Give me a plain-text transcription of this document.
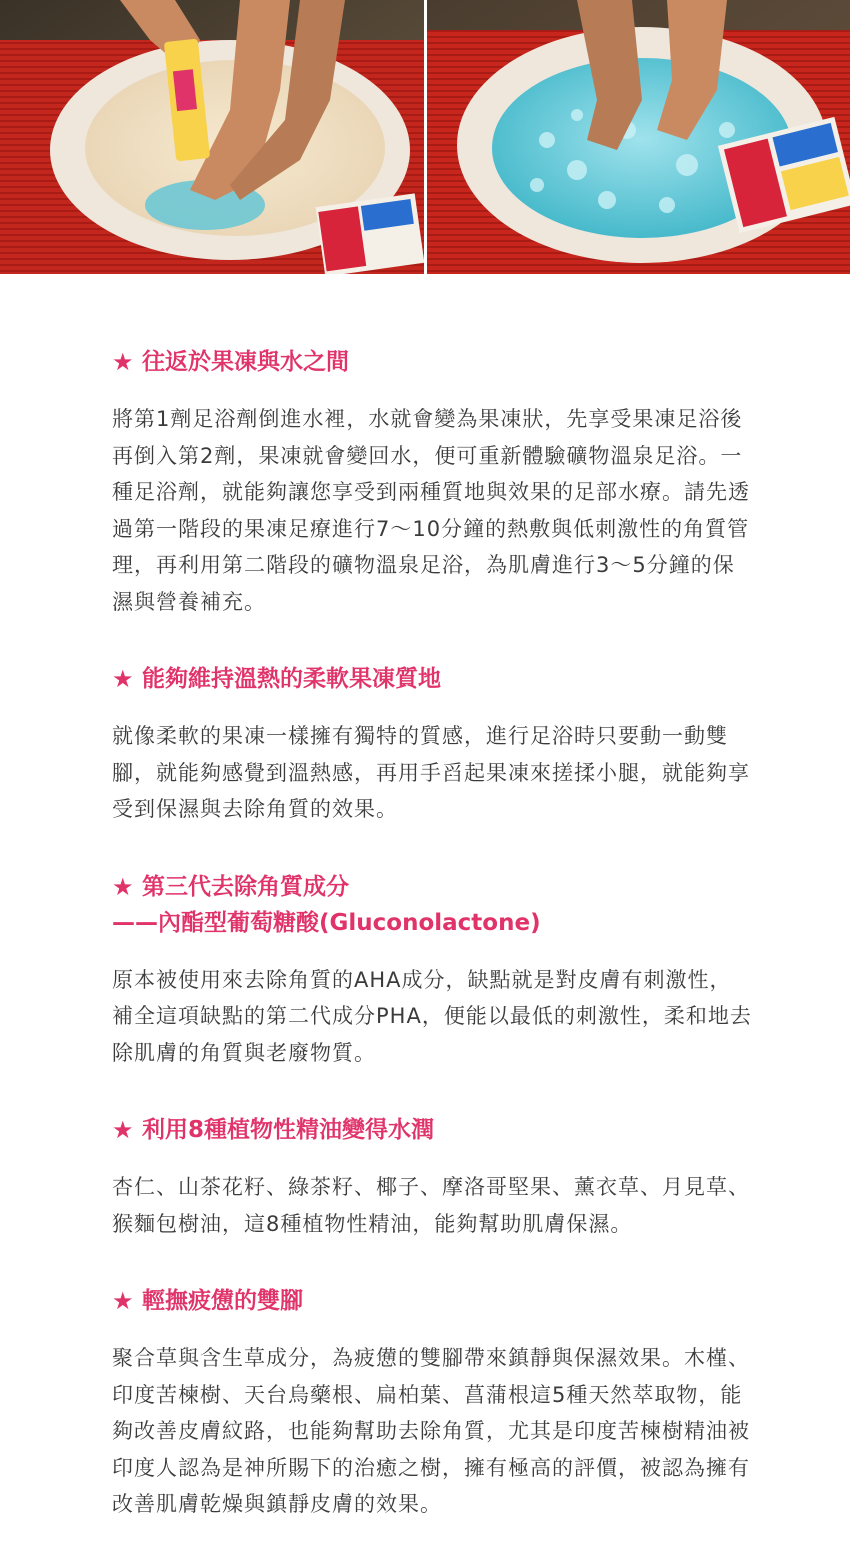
★ 往返於果凍與水之間
將第1劑足浴劑倒進水裡，水就會變為果凍狀，先享受果凍足浴後再倒入第2劑，果凍就會變回水，便可重新體驗礦物溫泉足浴。一種足浴劑，就能夠讓您享受到兩種質地與效果的足部水療。請先透過第一階段的果凍足療進行7～10分鐘的熱敷與低刺激性的角質管理，再利用第二階段的礦物溫泉足浴，為肌膚進行3～5分鐘的保濕與營養補充。
★ 能夠維持溫熱的柔軟果凍質地
就像柔軟的果凍一樣擁有獨特的質感，進行足浴時只要動一動雙腳，就能夠感覺到溫熱感，再用手舀起果凍來搓揉小腿，就能夠享受到保濕與去除角質的效果。
★ 第三代去除角質成分
——內酯型葡萄糖酸(Gluconolactone)
原本被使用來去除角質的AHA成分，缺點就是對皮膚有刺激性，補全這項缺點的第二代成分PHA，便能以最低的刺激性，柔和地去除肌膚的角質與老廢物質。
★ 利用8種植物性精油變得水潤
杏仁、山茶花籽、綠茶籽、椰子、摩洛哥堅果、薰衣草、月見草、猴麵包樹油，這8種植物性精油，能夠幫助肌膚保濕。
★ 輕撫疲憊的雙腳
聚合草與含生草成分，為疲憊的雙腳帶來鎮靜與保濕效果。木槿、印度苦楝樹、天台烏藥根、扁柏葉、菖蒲根這5種天然萃取物，能夠改善皮膚紋路，也能夠幫助去除角質，尤其是印度苦楝樹精油被印度人認為是神所賜下的治癒之樹，擁有極高的評價，被認為擁有改善肌膚乾燥與鎮靜皮膚的效果。
